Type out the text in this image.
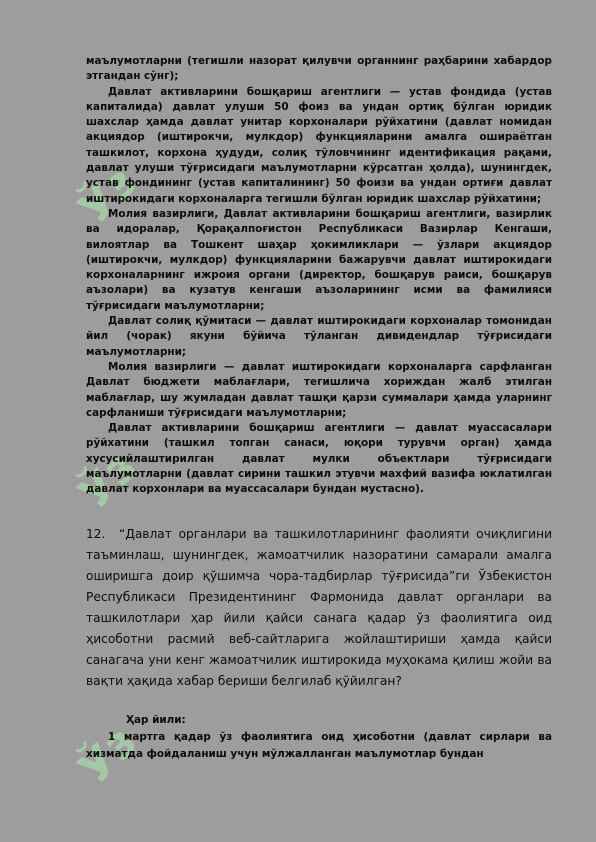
Ўз
Ўз
Ўз

маълумотларни (тегишли назорат қилувчи органнинг раҳбарини хабардор этгандан сўнг);

Давлат активларини бошқариш агентлиги — устав фондида (устав капиталида) давлат улуши 50 фоиз ва ундан ортиқ бўлган юридик шахслар ҳамда давлат унитар корхоналари рўйхатини (давлат номидан акциядор (иштирокчи, мулкдор) функцияларини амалга ошираётган ташкилот, корхона ҳудуди, солиқ тўловчининг идентификация рақами, давлат улуши тўғрисидаги маълумотларни кўрсатган ҳолда), шунингдек, устав фондининг (устав капиталининг) 50 фоизи ва ундан ортиғи давлат иштирокидаги корхоналарга тегишли бўлган юридик шахслар рўйхатини;

Молия вазирлиги, Давлат активларини бошқариш агентлиги, вазирлик ва идоралар, Қорақалпоғистон Республикаси Вазирлар Кенгаши, вилоятлар ва Тошкент шаҳар ҳокимликлари — ўзлари акциядор (иштирокчи, мулкдор) функцияларини бажарувчи давлат иштирокидаги корхоналарнинг ижроия органи (директор, бошқарув раиси, бошқарув аъзолари) ва кузатув кенгаши аъзоларининг исми ва фамилияси тўғрисидаги маълумотларни;

Давлат солиқ қўмитаси — давлат иштирокидаги корхоналар томонидан йил (чорак) якуни бўйича тўланган дивидендлар тўғрисидаги маълумотларни;

Молия вазирлиги — давлат иштирокидаги корхоналарга сарфланган Давлат бюджети маблағлари, тегишлича хориждан жалб этилган маблағлар, шу жумладан давлат ташқи қарзи суммалари ҳамда уларнинг сарфланиши тўғрисидаги маълумотларни;

Давлат активларини бошқариш агентлиги — давлат муассасалари рўйхатини (ташкил топган санаси, юқори турувчи орган) ҳамда хусусийлаштирилган давлат мулки объектлари тўғрисидаги маълумотларни (давлат сирини ташкил этувчи махфий вазифа юклатилган давлат корхонлари ва муассасалари бундан мустасно).

12. “Давлат органлари ва ташкилотларининг фаолияти очиқлигини таъминлаш, шунингдек, жамоатчилик назоратини самарали амалга оширишга доир қўшимча чора-тадбирлар тўғрисида”ги Ўзбекистон Республикаси Президентининг Фармонида давлат органлари ва ташкилотлари ҳар йили қайси санага қадар ўз фаолиятига оид ҳисоботни расмий веб-сайтларига жойлаштириши ҳамда қайси санагача уни кенг жамоатчилик иштирокида муҳокама қилиш жойи ва вақти ҳақида хабар бериши белгилаб қўйилган?

Ҳар йили:

1 мартга қадар ўз фаолиятига оид ҳисоботни (давлат сирлари ва хизматда фойдаланиш учун мўлжалланган маълумотлар бундан
